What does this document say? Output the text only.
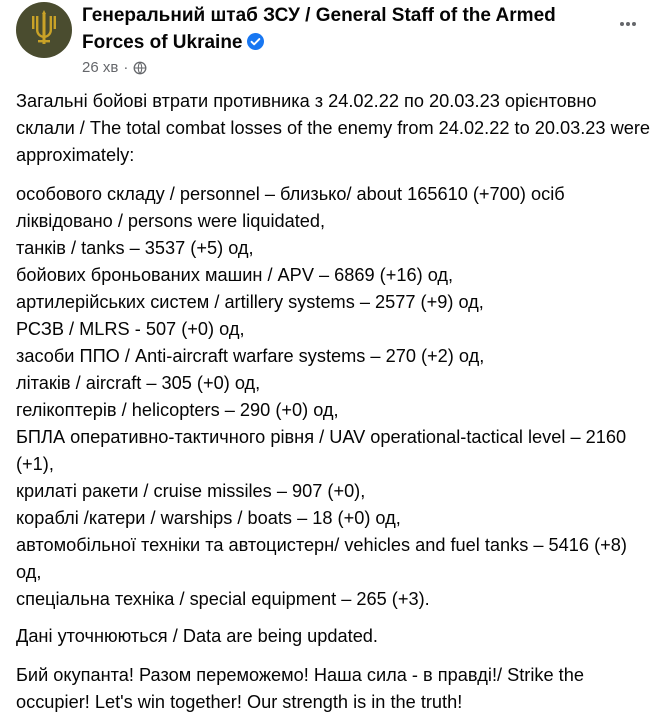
Генеральний штаб ЗСУ / General Staff of the Armed Forces of Ukraine
26 хв ·

Загальні бойові втрати противника з 24.02.22 по 20.03.23 орієнтовно склали / The total combat losses of the enemy from 24.02.22 to 20.03.23 were approximately:

особового складу / personnel ‒ близько/ about 165610 (+700) осіб ліквідовано / persons were liquidated,
танків / tanks ‒ 3537 (+5) од,
бойових броньованих машин / APV ‒ 6869 (+16) од,
артилерійських систем / artillery systems – 2577 (+9) од,
РСЗВ / MLRS - 507 (+0) од,
засоби ППО / Anti-aircraft warfare systems ‒ 270 (+2) од,
літаків / aircraft – 305 (+0) од,
гелікоптерів / helicopters – 290 (+0) од,
БПЛА оперативно-тактичного рівня / UAV operational-tactical level – 2160 (+1),
крилаті ракети / cruise missiles ‒ 907 (+0),
кораблі /катери / warships / boats ‒ 18 (+0) од,
автомобільної техніки та автоцистерн/ vehicles and fuel tanks – 5416 (+8) од,
спеціальна техніка / special equipment ‒ 265 (+3).

Дані уточнюються / Data are being updated.

Бий окупанта! Разом переможемо! Наша сила - в правді!/ Strike the occupier! Let's win together! Our strength is in the truth!
